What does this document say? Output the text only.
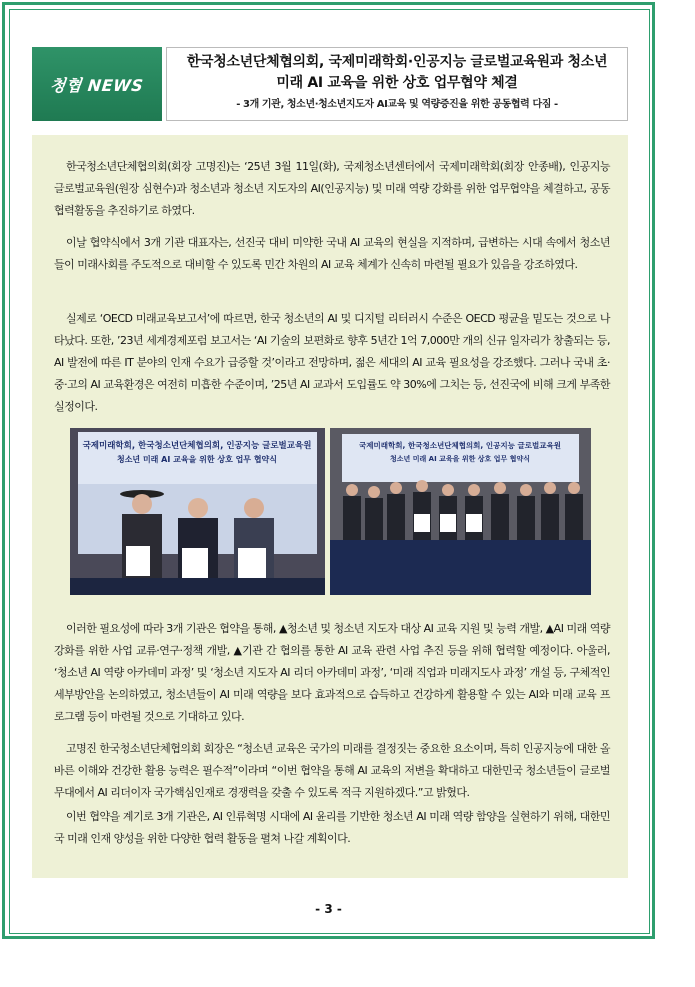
청협 NEWS
한국청소년단체협의회, 국제미래학회·인공지능 글로벌교육원과 청소년
미래 AI 교육을 위한 상호 업무협약 체결
- 3개 기관, 청소년·청소년지도자 AI교육 및 역량증진을 위한 공동협력 다짐 -
한국청소년단체협의회(회장 고명진)는 ‘25년 3월 11일(화), 국제청소년센터에서 국제미래학회(회장 안종배), 인공지능 글로벌교육원(원장 심현수)과 청소년과 청소년 지도자의 AI(인공지능) 및 미래 역량 강화를 위한 업무협약을 체결하고, 공동협력활동을 추진하기로 하였다.
이날 협약식에서 3개 기관 대표자는, 선진국 대비 미약한 국내 AI 교육의 현실을 지적하며, 급변하는 시대 속에서 청소년들이 미래사회를 주도적으로 대비할 수 있도록 민간 차원의 AI 교육 체계가 신속히 마련될 필요가 있음을 강조하였다.
실제로 ‘OECD 미래교육보고서’에 따르면, 한국 청소년의 AI 및 디지털 리터러시 수준은 OECD 평균을 밑도는 것으로 나타났다. 또한, ’23년 세계경제포럼 보고서는 ‘AI 기술의 보편화로 향후 5년간 1억 7,000만 개의 신규 일자리가 창출되는 등, AI 발전에 따른 IT 분야의 인재 수요가 급증할 것’이라고 전망하며, 젊은 세대의 AI 교육 필요성을 강조했다. 그러나 국내 초·중·고의 AI 교육환경은 여전히 미흡한 수준이며, ’25년 AI 교과서 도입률도 약 30%에 그치는 등, 선진국에 비해 크게 부족한 실정이다.
국제미래학회, 한국청소년단체협의회, 인공지능 글로벌교육원
청소년 미래 AI 교육을 위한 상호 업무 협약식
국제미래학회, 한국청소년단체협의회, 인공지능 글로벌교육원
청소년 미래 AI 교육을 위한 상호 업무 협약식
이러한 필요성에 따라 3개 기관은 협약을 통해, ▲청소년 및 청소년 지도자 대상 AI 교육 지원 및 능력 개발, ▲AI 미래 역량 강화를 위한 사업 교류·연구·정책 개발, ▲기관 간 협의를 통한 AI 교육 관련 사업 추진 등을 위해 협력할 예정이다. 아울러, ‘청소년 AI 역량 아카데미 과정’ 및 ‘청소년 지도자 AI 리더 아카데미 과정’, ‘미래 직업과 미래지도사 과정’ 개설 등, 구체적인 세부방안을 논의하였고, 청소년들이 AI 미래 역량을 보다 효과적으로 습득하고 건강하게 활용할 수 있는 AI와 미래 교육 프로그램 등이 마련될 것으로 기대하고 있다.
고명진 한국청소년단체협의회 회장은 “청소년 교육은 국가의 미래를 결정짓는 중요한 요소이며, 특히 인공지능에 대한 올바른 이해와 건강한 활용 능력은 필수적”이라며 “이번 협약을 통해 AI 교육의 저변을 확대하고 대한민국 청소년들이 글로벌 무대에서 AI 리더이자 국가핵심인재로 경쟁력을 갖출 수 있도록 적극 지원하겠다.”고 밝혔다.
이번 협약을 계기로 3개 기관은, AI 인류혁명 시대에 AI 윤리를 기반한 청소년 AI 미래 역량 함양을 실현하기 위해, 대한민국 미래 인재 양성을 위한 다양한 협력 활동을 펼쳐 나갈 계획이다.
- 3 -
